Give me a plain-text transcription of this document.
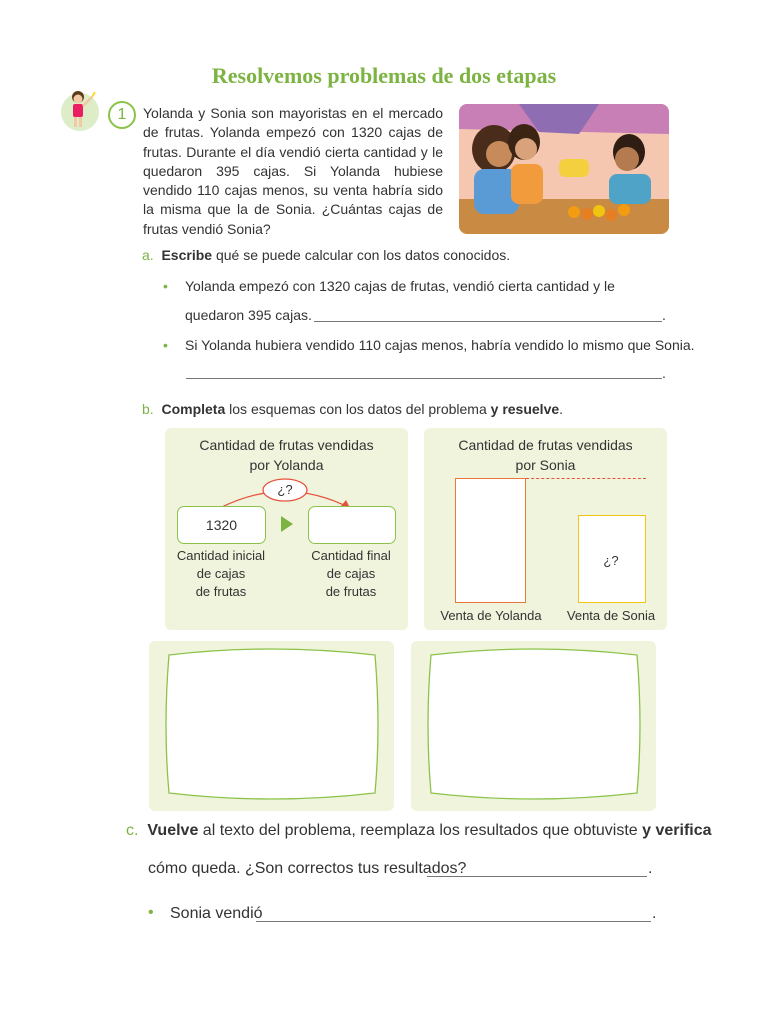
Resolvemos problemas de dos etapas
1	Yolanda y Sonia son mayoristas en el mercado de frutas. Yolanda empezó con 1320 cajas de frutas. Durante el día vendió cierta cantidad y le quedaron 395 cajas. Si Yolanda hubiese vendido 110 cajas menos, su venta habría sido la misma que la de Sonia. ¿Cuántas cajas de frutas vendió Sonia?
a. Escribe qué se puede calcular con los datos conocidos.
• Yolanda empezó con 1320 cajas de frutas, vendió cierta cantidad y le
quedaron 395 cajas.	.
• Si Yolanda hubiera vendido 110 cajas menos, habría vendido lo mismo que Sonia.
.
b. Completa los esquemas con los datos del problema y resuelve.
Cantidad de frutas vendidas
por Yolanda
¿?
1320
Cantidad inicial
de cajas
de frutas
Cantidad final
de cajas
de frutas
Cantidad de frutas vendidas
por Sonia
¿?
Venta de Yolanda	Venta de Sonia
c. Vuelve al texto del problema, reemplaza los resultados que obtuviste y verifica
cómo queda. ¿Son correctos tus resultados?	.
• Sonia vendió	.
